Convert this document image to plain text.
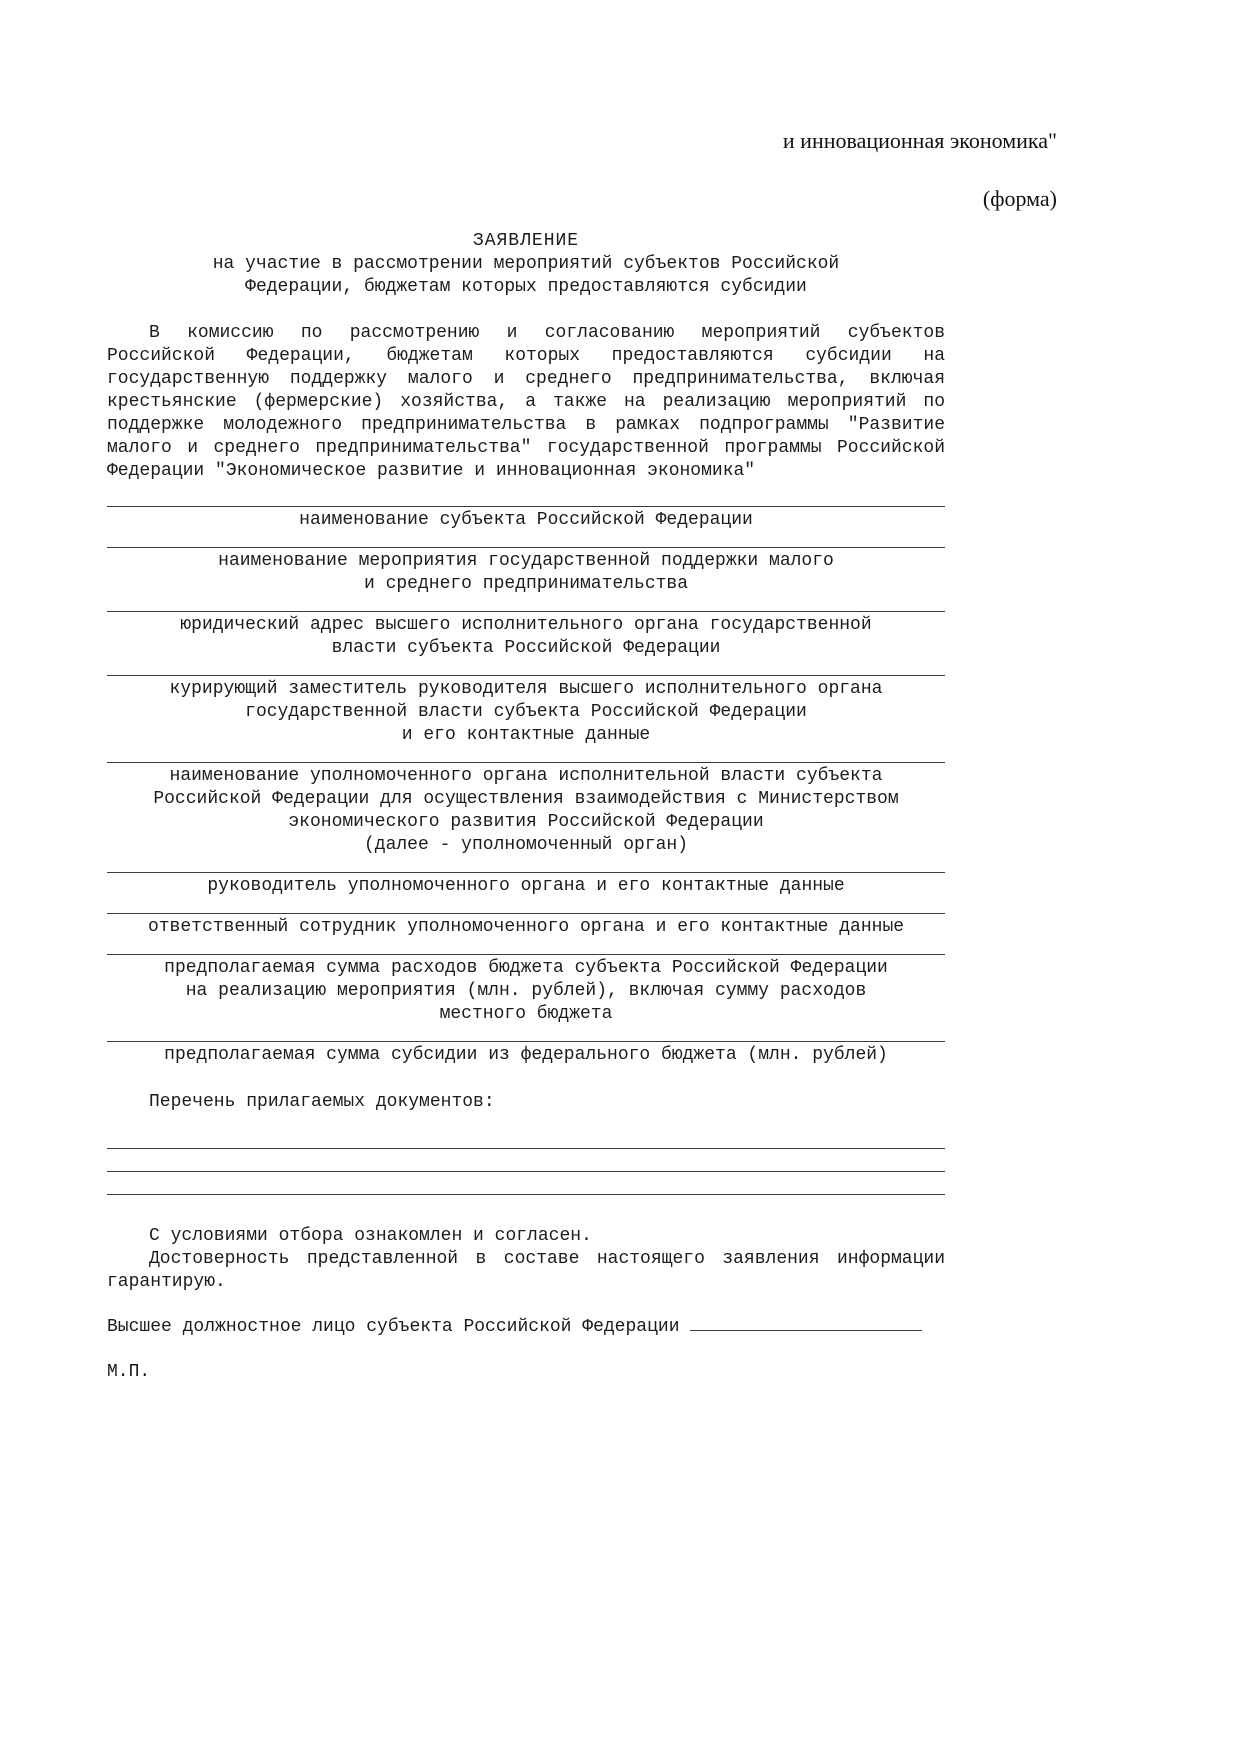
и инновационная экономика"
(форма)
ЗАЯВЛЕНИЕ
на участие в рассмотрении мероприятий субъектов Российской
Федерации, бюджетам которых предоставляются субсидии

В комиссию по рассмотрению и согласованию мероприятий субъектов Российской Федерации, бюджетам которых предоставляются субсидии на государственную поддержку малого и среднего предпринимательства, включая крестьянские (фермерские) хозяйства, а также на реализацию мероприятий по поддержке молодежного предпринимательства в рамках подпрограммы "Развитие малого и среднего предпринимательства" государственной программы Российской Федерации "Экономическое развитие и инновационная экономика"

наименование субъекта Российской Федерации
наименование мероприятия государственной поддержки малого
и среднего предпринимательства
юридический адрес высшего исполнительного органа государственной
власти субъекта Российской Федерации
курирующий заместитель руководителя высшего исполнительного органа
государственной власти субъекта Российской Федерации
и его контактные данные
наименование уполномоченного органа исполнительной власти субъекта
Российской Федерации для осуществления взаимодействия с Министерством
экономического развития Российской Федерации
(далее - уполномоченный орган)
руководитель уполномоченного органа и его контактные данные
ответственный сотрудник уполномоченного органа и его контактные данные
предполагаемая сумма расходов бюджета субъекта Российской Федерации
на реализацию мероприятия (млн. рублей), включая сумму расходов
местного бюджета
предполагаемая сумма субсидии из федерального бюджета (млн. рублей)
Перечень прилагаемых документов:

С условиями отбора ознакомлен и согласен.

Достоверность представленной в составе настоящего заявления информации гарантирую.

Высшее должностное лицо субъекта Российской Федерации
М.П.
